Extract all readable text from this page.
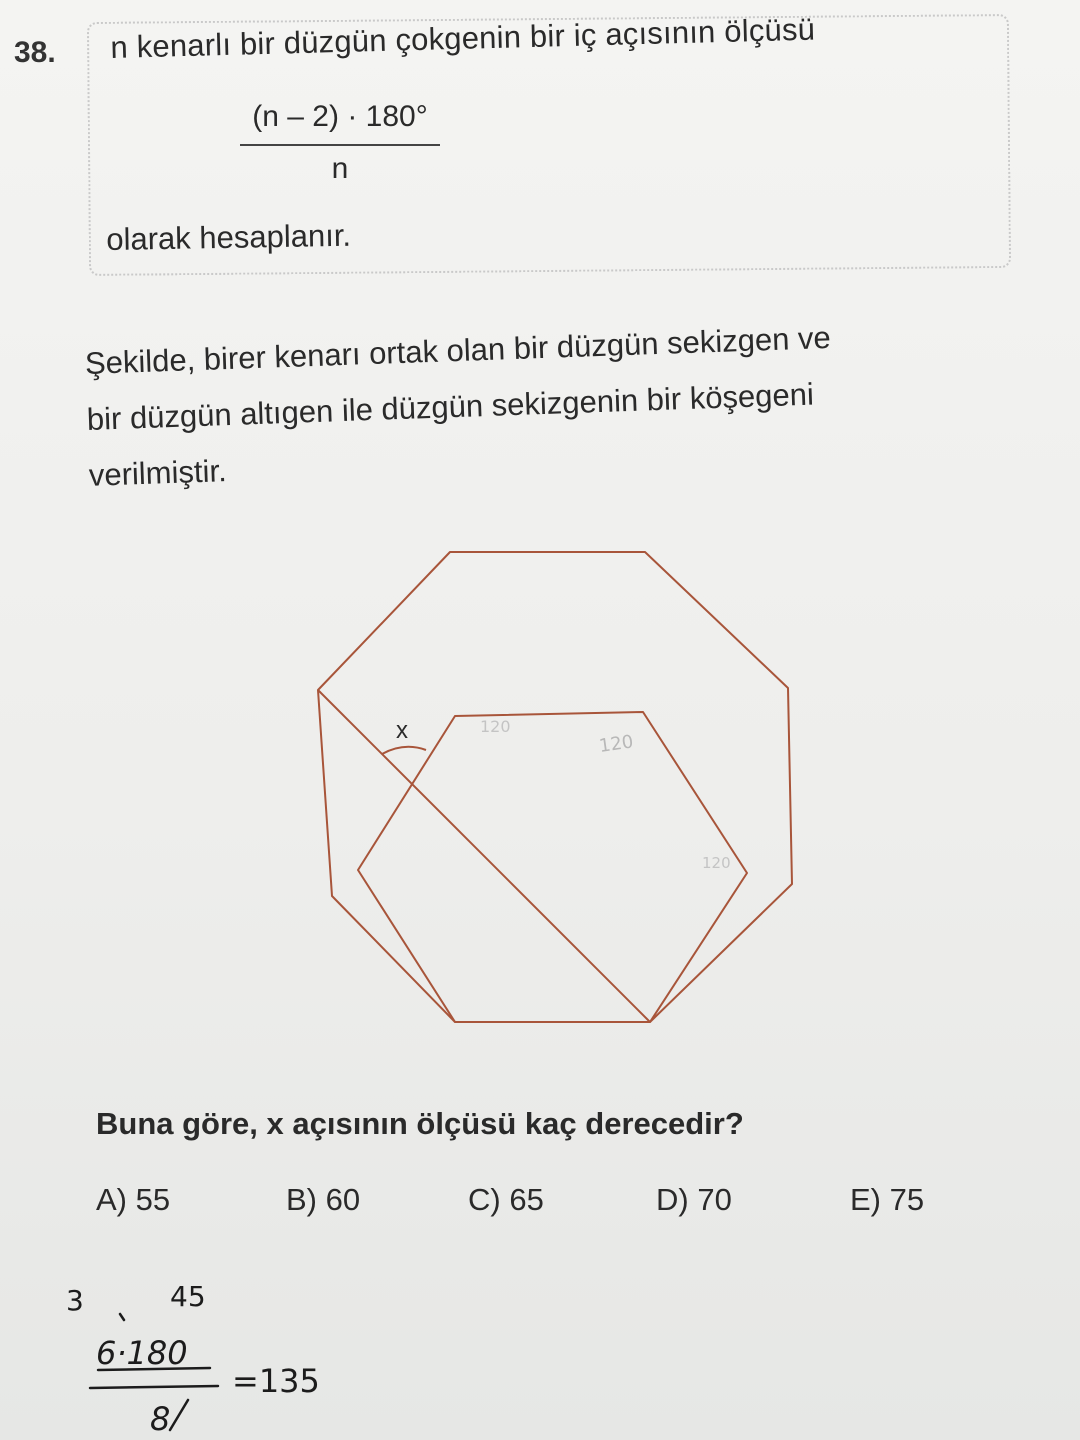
38. n kenarlı bir düzgün çokgenin bir iç açısının ölçüsü
$\frac{(n - 2) \cdot 180^\circ}{n}$
olarak hesaplanır.
Şekilde, birer kenarı ortak olan bir düzgün sekizgen ve
bir düzgün altıgen ile düzgün sekizgenin bir köşegeni
verilmiştir.
x
120
120
120
Buna göre, x açısının ölçüsü kaç derecedir?
A) 55	B) 60	C) 65	D) 70	E) 75
3	45
6·180
8
=135
